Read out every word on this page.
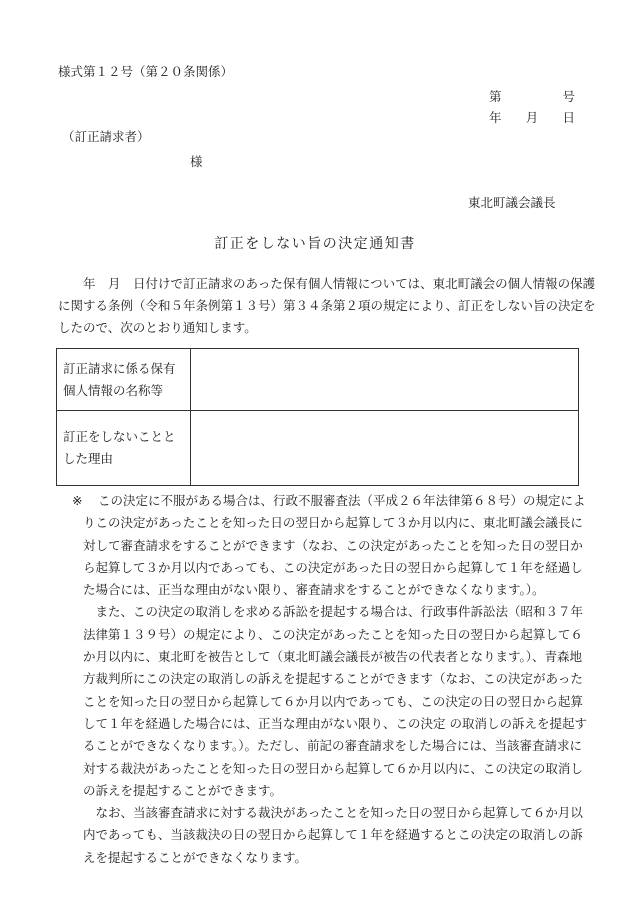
様式第１２号（第２０条関係）
第	号
年 月 日
（訂正請求者）
様
東北町議会議長
訂正をしない旨の決定通知書
　　年　月　日付けで訂正請求のあった保有個人情報については、東北町議会の個人情報の保護
に関する条例（令和５年条例第１３号）第３４条第２項の規定により、訂正をしない旨の決定を
したので、次のとおり通知します。
訂正請求に係る保有
個人情報の名称等	

訂正をしないことと
した理由	

※ この決定に不服がある場合は、行政不服審査法（平成２６年法律第６８号）の規定によ
りこの決定があったことを知った日の翌日から起算して３か月以内に、東北町議会議長に
対して審査請求をすることができます（なお、この決定があったことを知った日の翌日か
ら起算して３か月以内であっても、この決定があった日の翌日から起算して１年を経過し
た場合には、正当な理由がない限り、審査請求をすることができなくなります。）。
　また、この決定の取消しを求める訴訟を提起する場合は、行政事件訴訟法（昭和３７年
法律第１３９号）の規定により、この決定があったことを知った日の翌日から起算して６
か月以内に、東北町を被告として（東北町議会議長が被告の代表者となります。）、青森地
方裁判所にこの決定の取消しの訴えを提起することができます（なお、この決定があった
ことを知った日の翌日から起算して６か月以内であっても、この決定の日の翌日から起算
して１年を経過した場合には、正当な理由がない限り、この決定 の取消しの訴えを提起す
ることができなくなります。）。ただし、前記の審査請求をした場合には、当該審査請求に
対する裁決があったことを知った日の翌日から起算して６か月以内に、この決定の取消し
の訴えを提起することができます。
　なお、当該審査請求に対する裁決があったことを知った日の翌日から起算して６か月以
内であっても、当該裁決の日の翌日から起算して１年を経過するとこの決定の取消しの訴
えを提起することができなくなります。
